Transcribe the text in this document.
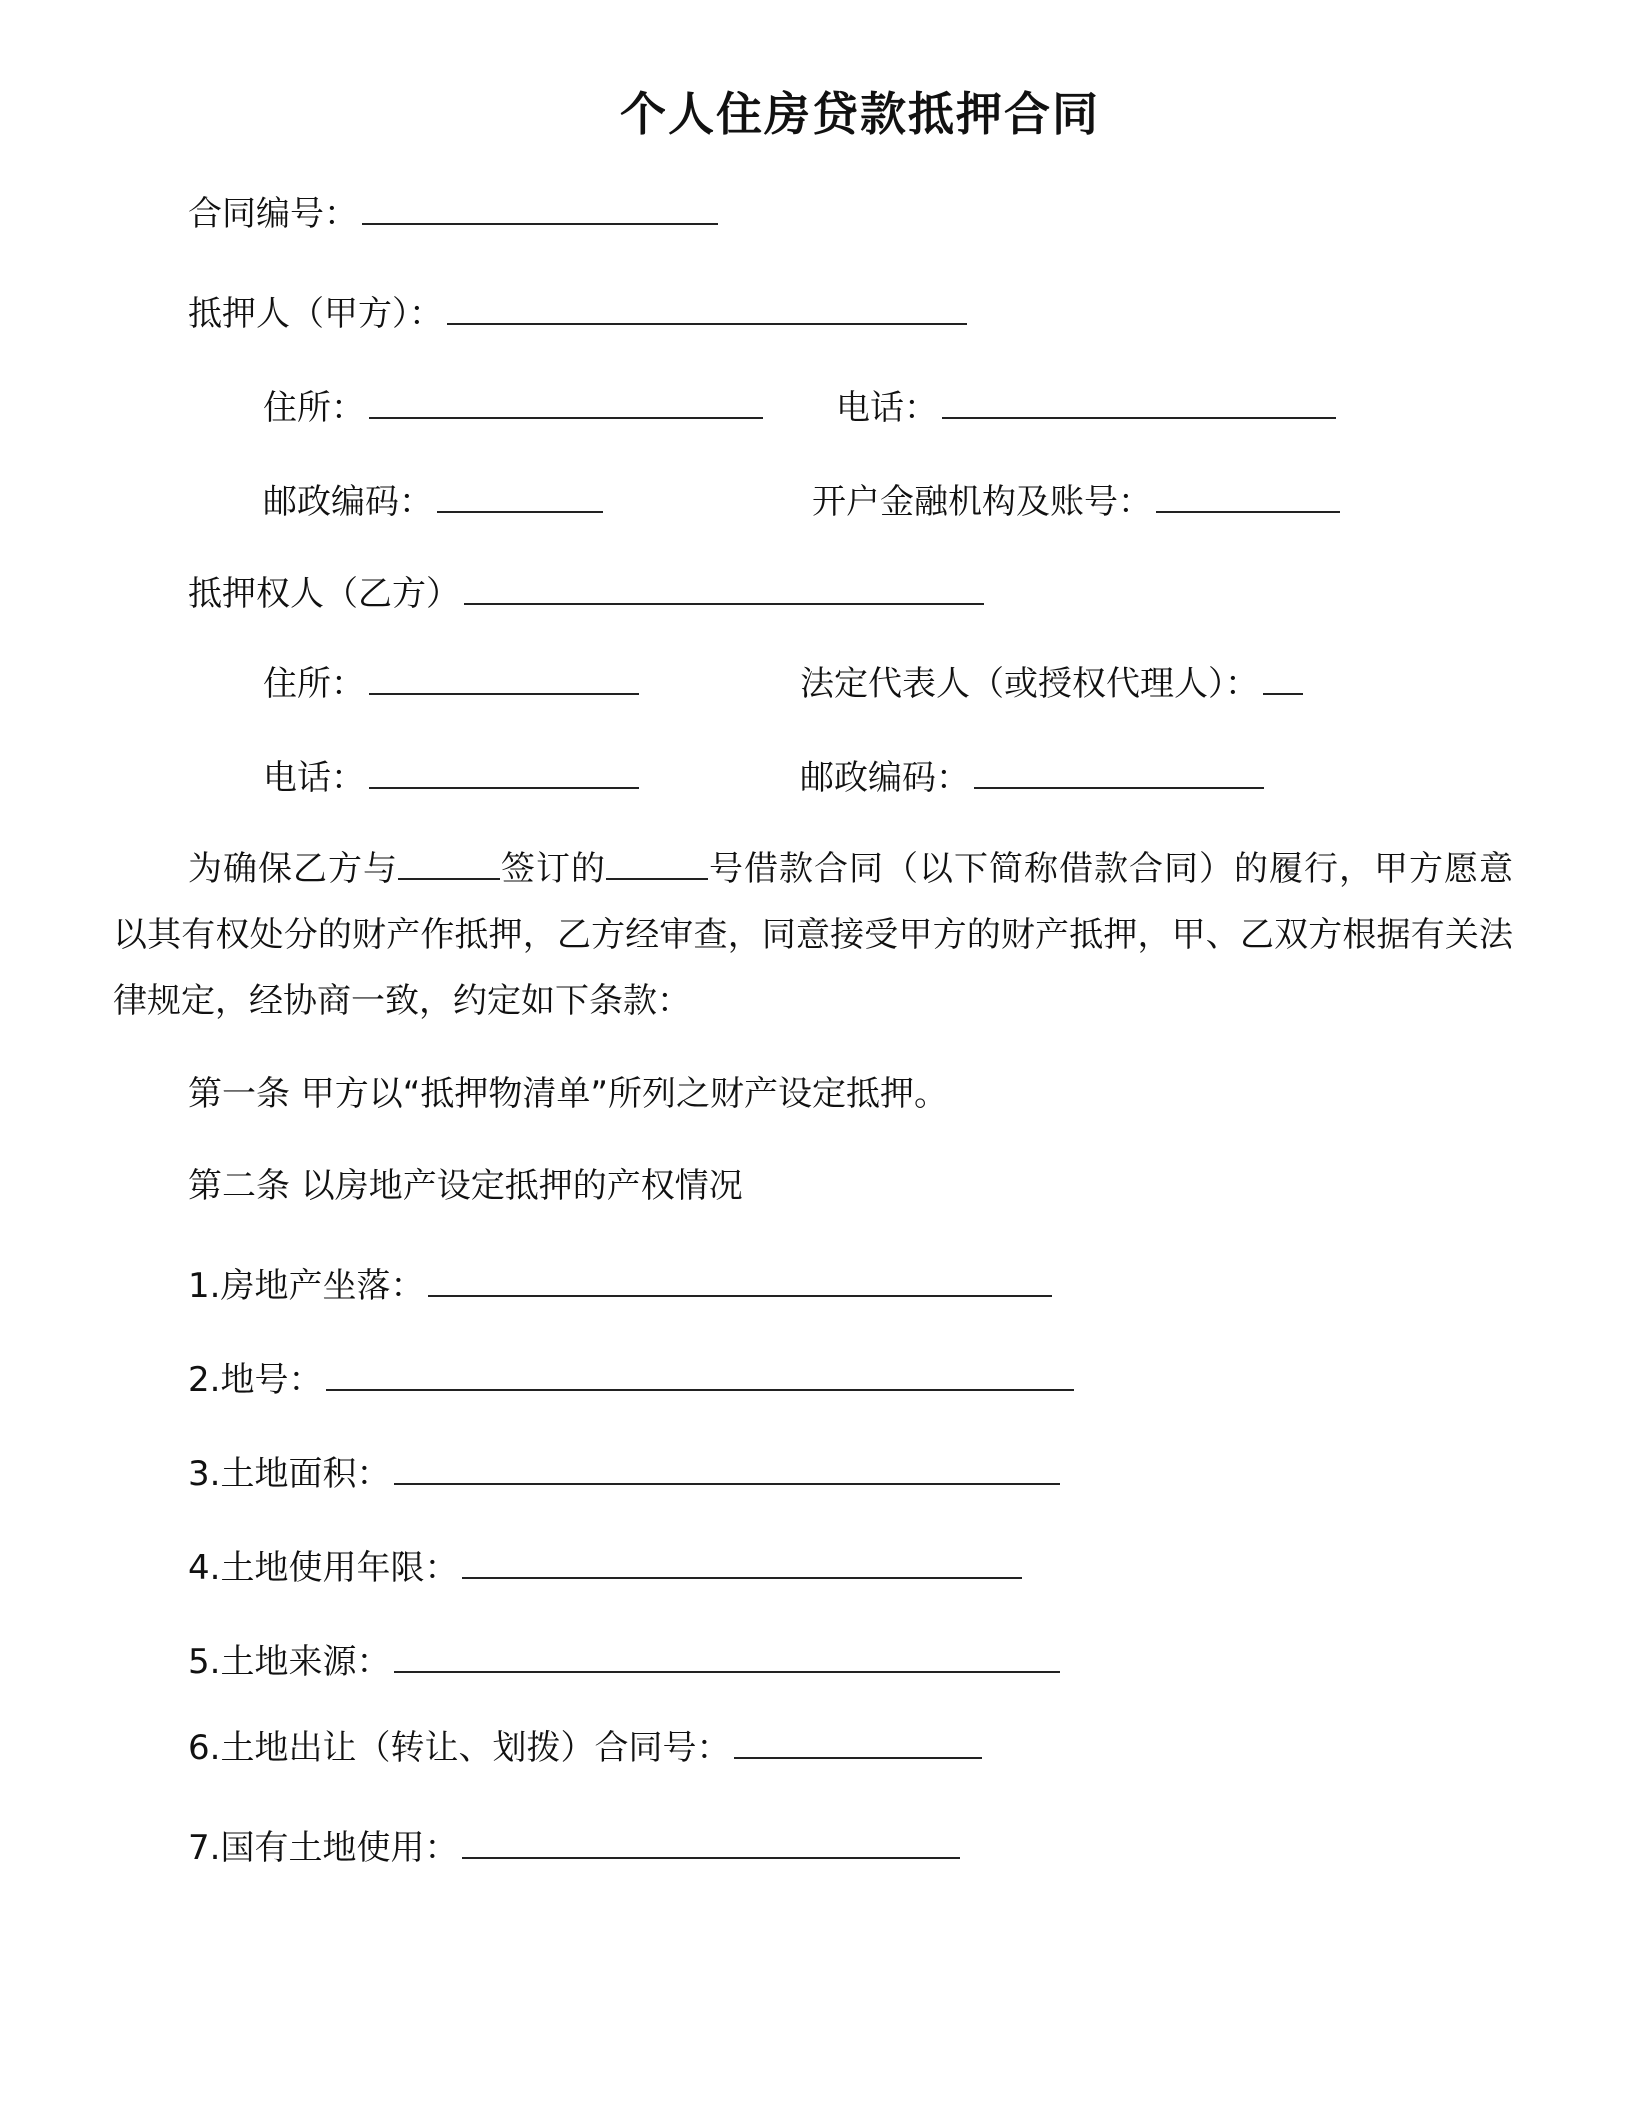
个人住房贷款抵押合同
合同编号：
抵押人（甲方）：
住所：	电话：
邮政编码：	开户金融机构及账号：
抵押权人（乙方）
住所：	法定代表人（或授权代理人）：
电话：	邮政编码：
为确保乙方与	签订的	号借款合同（以下简称借款合同）的履行，甲方愿意以其有权处分的财产作抵押，乙方经审查，同意接受甲方的财产抵押，甲、乙双方根据有关法律规定，经协商一致，约定如下条款：
第一条 甲方以“抵押物清单”所列之财产设定抵押。
第二条 以房地产设定抵押的产权情况
1.房地产坐落：
2.地号：
3.土地面积：
4.土地使用年限：
5.土地来源：
6.土地出让（转让、划拨）合同号：
7.国有土地使用：
